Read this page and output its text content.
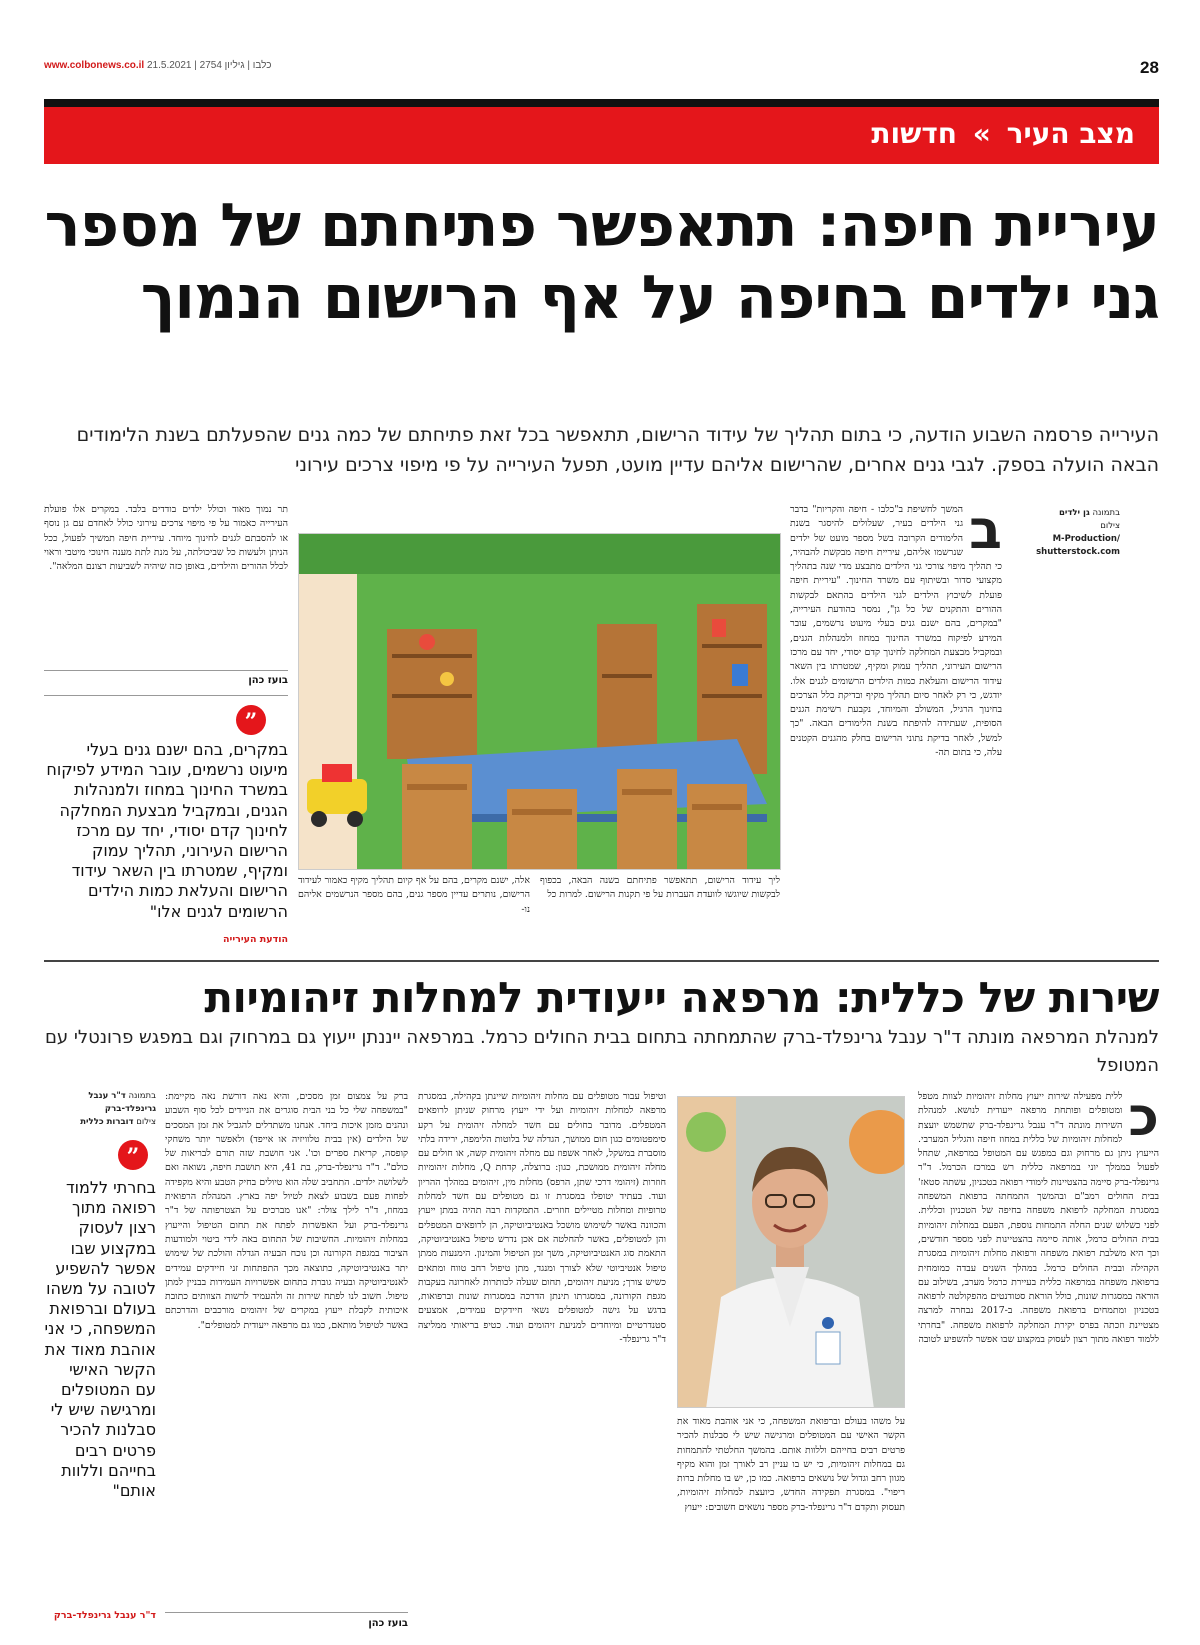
www.colbonews.co.il 21.5.2021 | כלבו | גיליון 2754	28
מצב העיר » חדשות
עיריית חיפה: תתאפשר פתיחתם של מספר גני ילדים בחיפה על אף הרישום הנמוך
העירייה פרסמה השבוע הודעה, כי בתום תהליך של עידוד הרישום, תתאפשר בכל זאת פתיחתם של כמה גנים שהפעלתם בשנת הלימודים הבאה הועלה בספק. לגבי גנים אחרים, שהרישום אליהם עדיין מועט, תפעל העירייה על פי מיפוי צרכים עירוני
בתמונה גן ילדים
צילום
M-Production/ shutterstock.com
ב
המשך לחשיפת ב"כלבו - חיפה והקריות" בדבר גני הילדים בעיר, שעלולים להיסגר בשנת הלימודים הקרובה בשל מספר מועט של ילדים שנרשמו אליהם, עיריית חיפה מבקשת להבהיר, כי תהליך מיפוי צורכי גני הילדים מתבצע מדי שנה בתהליך מקצועי סדור ובשיתוף עם משרד החינוך. "עיריית חיפה פועלת לשיבוץ הילדים לגני הילדים בהתאם לבקשות ההורים והתקנים של כל גן", נמסר בהודעת העירייה, "במקרים, בהם ישנם גנים בעלי מיעוט נרשמים, עובר המידע לפיקוח במשרד החינוך במחוז ולמנהלות הגנים, ובמקביל מבצעת המחלקה לחינוך קדם יסודי, יחד עם מרכז הרישום העירוני, תהליך עמוק ומקיף, שמטרתו בין השאר עידוד הרישום והעלאת כמות הילדים הרשומים לגנים אלו. יודגש, כי רק לאחר סיום תהליך מקיף ובדיקת כלל הצרכים בחינוך הרגיל, המשולב והמיוחד, נקבעת רשימת הגנים הסופית, שעתידה להיפתח בשנת הלימודים הבאה. "כך למשל, לאחר בדיקת נתוני הרישום בחלק מהגנים הקטנים עלה, כי בתום תה-
ליך עידוד הרישום, תתאפשר פתיחתם בשנה הבאה, בכפוף לבקשות שיוגשו לוועדת העברות על פי תקנות הרישום. למרות כל
אלה, ישנם מקרים, בהם על אף קיום תהליך מקיף כאמור לעידוד הרישום, נותרים עדיין מספר גנים, בהם מספר הנרשמים אליהם נו-
תר נמוך מאוד וכולל ילדים בודדים בלבד. במקרים אלו פועלת העירייה כאמור על פי מיפוי צרכים עירוני כולל לאחדם עם גן נוסף או להסבתם לגנים לחינוך מיוחד. עיריית חיפה תמשיך לפעול, ככל הניתן ולעשות כל שביכולתה, על מנת לתת מענה חינוכי מיטבי וראוי לכלל ההורים והילדים, באופן כזה שיהיה לשביעות רצונם המלאה".
בועז כהן
”
במקרים, בהם ישנם גנים בעלי מיעוט נרשמים, עובר המידע לפיקוח במשרד החינוך במחוז ולמנהלות הגנים, ובמקביל מבצעת המחלקה לחינוך קדם יסודי, יחד עם מרכז הרישום העירוני, תהליך עמוק ומקיף, שמטרתו בין השאר עידוד הרישום והעלאת כמות הילדים הרשומים לגנים אלו"
הודעת העירייה
שירות של כללית: מרפאה ייעודית למחלות זיהומיות
למנהלת המרפאה מונתה ד"ר ענבל גרינפלד-ברק שהתמחתה בתחום בבית החולים כרמל. במרפאה ייננתן ייעוץ גם במרחוק וגם במפגש פרונטלי עם המטופל
כ
ללית מפעילה שירות ייעוץ מחלות זיהומיות לצוות מטפל ומטופלים ופותחת מרפאה ייעודית לנושא. למנהלת השירות מונתה ד"ר ענבל גרינפלד-ברק שתשמש יועצת למחלות זיהומיות של כללית במחוז חיפה והגליל המערבי. הייעוץ ניתן גם מרחוק וגם במפגש עם המטופל במרפאה, שתחל לפעול בממלך יוני במרפאה כללית רש במרכז הכרמל. ד"ר גרינפלד-ברק סיימה בהצטיינות לימודי רפואה בטכניון, עשתה סטאז' בבית החולים רמב"ם ובהמשך התמחתה ברפואת המשפחה במסגרת המחלקה לרפואת משפחה בחיפה של הטכניון וכללית. לפני כשלוש שנים החלה התמחות נוספת, הפעם במחלות זיהומיות בבית החולים כרמל, אותה סיימה בהצטיינות לפני מספר חודשים, וכך היא משלבת רפואת משפחה ורפואת מחלות זיהומיות במסגרת הקהילה ובבית החולים כרמל. במהלך השנים עבדה כמומחית ברפואת משפחה במרפאה כללית בעיירת כרמל מערב, בשילוב עם הוראה במסגרות שונות, כולל הוראת סטודנטים מהפקולטה לרפואה בטכניון ומתמחים ברפואת משפחה. ב-2017 נבחרה למרצה מצטיינת וזכתה בפרס יקירת המחלקה לרפואת משפחה. "בחרתי ללמוד רפואה מתוך רצון לעסוק במקצוע שבו אפשר להשפיע לטובה
על משהו בעולם וברפואת המשפחה, כי אני אוהבת מאוד את הקשר האישי עם המטופלים ומרגישה שיש לי סבלנות להכיר פרטים רבים בחייהם וללוות אותם. בהמשך החלטתי להתמחות גם במחלות זיהומיות, כי יש בו עניין רב לאורך זמן והוא מקיף מגוון רחב וגדול של נושאים ברפואה. כמו כן, יש בו מחלות ברות ריפוי". במסגרת תפקידה החדש, כיועצת למחלות זיהומיות, תעסוק ותקדם ד"ר גרינפלד-ברק מספר נושאים חשובים: ייעוץ
וטיפול עבור מטופלים עם מחלות זיהומיות שיינתן בקהילה, במסגרת מרפאה למחלות זיהומיות ועל ידי ייעוץ מרחוק שניתן לרופאים המטפלים. מדובר בחולים עם חשד למחלה זיהומית על רקע סימפטומים כגון חום ממושך, הגדלה של בלוטות הלימפה, ירידה בלתי מוסברת במשקל, לאחר אשפוז עם מחלה זיהומית קשה, או חולים עם מחלה זיהומית ממושכת, כגון: ברוצלה, קדחת Q, מחלות זיהומיות חוזרות (זיהומי דרכי שתן, הרפס) מחלות מין, זיהומים במהלך ההריון ועוד. בעתיד יטופלו במסגרת זו גם מטופלים עם חשד למחלות טרופיות ומחלות מטיילים חוזרים. התמקדות רבה תהיה במתן ייעוץ והכוונה באשר לשימוש מושכל באנטיביוטיקה, הן לרופאים המטפלים והן למטופלים, באשר להחלטה אם אכן נדרש טיפול באנטיביוטיקה, התאמת סוג האנטיביוטיקה, משך זמן הטיפול והמינון. הימנעות ממתן טיפול אנטיביוטי שלא לצורך ומנגד, מתן טיפול רחב טווח ומתאים כשיש צורך; מניעת זיהומים, תחום שעלה לכותרות לאחרונה בעקבות מגפת הקורונה, במסגרתו תינתן הדרכה במסגרות שונות וברפואות, בדגש על גישה למטופלים נשאי חיידקים עמידים, אמצעים סטנדרטיים ומיוחדים למניעת זיהומים ועוד. כטיפ בריאותי ממליצה ד"ר גרינפלד-
ברק על צמצום זמן מסכים, והיא נאה דורשת נאה מקיימת: "במשפחה שלי כל בני הבית סוגרים את הניידים לכל סוף השבוע ונהנים מזמן איכות ביחד. אנחנו משתדלים להגביל את זמן המסכים של הילדים (אין בבית טלוויזיה או אייפד) ולאפשר יותר משחקי קופסה, קריאת ספרים וכו'. אני חושבת שזה תורם לבריאות של כולם". ד"ר גרינפלד-ברק, בת 41, היא תושבת חיפה, נשואה ואם לשלושה ילדים. התחביב שלה הוא טיולים בחיק הטבע והיא מקפידה לפחות פעם בשבוע לצאת לטיול יפה בארץ. המנהלת הרפואית במחוז, ד"ר לילך צולר: "אנו מברכים על הצטרפותה של ד"ר גרינפלד-ברק ועל האפשרות לפתח את תחום הטיפול והייעוץ במחלות זיהומיות. החשיבות של התחום באה לידי ביטוי ולמודעות הציבור במגפת הקורונה וכן נוכח הבעיה הגדלה והולכת של שימוש יתר באנטיביוטיקה, כתוצאה מכך התפתחות זני חיידקים עמידים לאנטיביוטיקה ובעיה גוברת בתחום אפשרויות העמידות בבניין למתן טיפול. חשוב לנו לפתח שירות זה ולהעמיד לרשות הצוותים כתובת איכותית לקבלת ייעוץ במקרים של זיהומים מורכבים והדרכתם באשר לטיפול מותאם, כמו גם מרפאה ייעודית למטופלים".
בועז כהן
בתמונה ד"ר ענבל גרינפלד-ברק
צילום דוברות כללית
”
בחרתי ללמוד רפואה מתוך רצון לעסוק במקצוע שבו אפשר להשפיע לטובה על משהו בעולם וברפואת המשפחה, כי אני אוהבת מאוד את הקשר האישי עם המטופלים ומרגישה שיש לי סבלנות להכיר פרטים רבים בחייהם וללוות אותם"
ד"ר ענבל גרינפלד-ברק
